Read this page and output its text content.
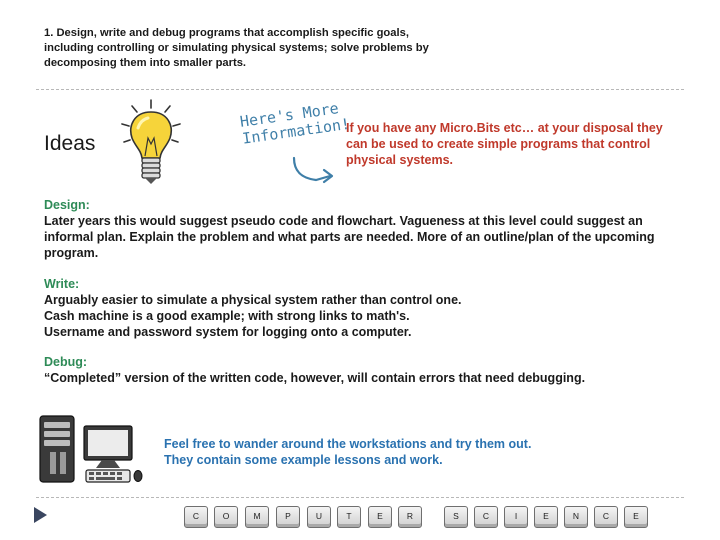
1. Design, write and debug programs that accomplish specific goals, including controlling or simulating physical systems; solve problems by decomposing them into smaller parts.
Ideas
Here's More
Information!
If you have any Micro.Bits etc… at your disposal they can be used to create simple programs that control physical systems.
Design:
Later years this would suggest pseudo code and flowchart. Vagueness at this level could suggest an informal plan. Explain the problem and what parts are needed. More of an outline/plan of the upcoming program.
Write:
Arguably easier to simulate a physical system rather than control one.
Cash machine is a good example; with strong links to math's.
Username and password system for logging onto a computer.
Debug:
“Completed” version of the written code, however, will contain errors that need debugging.
Feel free to wander around the workstations and try them out.
They contain some example lessons and work.
C	O	M	P	U	T	E	R	S	C	I	E	N	C	E
